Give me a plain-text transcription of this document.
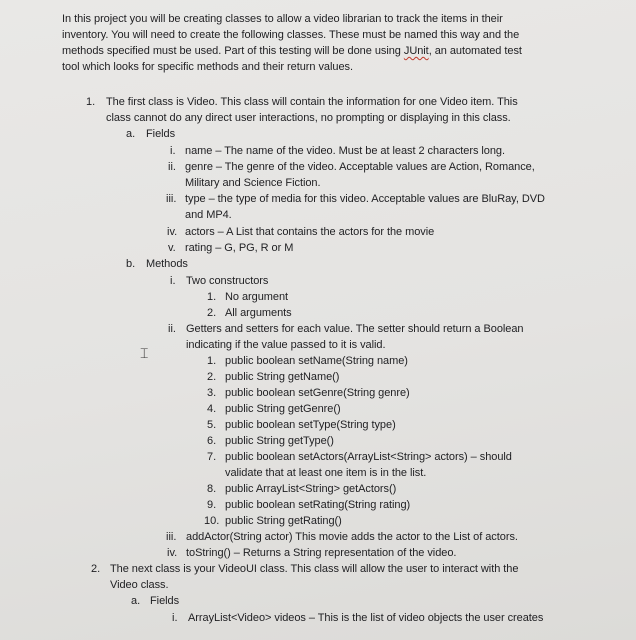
In this project you will be creating classes to allow a video librarian to track the items in their
inventory. You will need to create the following classes. These must be named this way and the
methods specified must be used. Part of this testing will be done using JUnit, an automated test
tool which looks for specific methods and their return values.
1. The first class is Video. This class will contain the information for one Video item. This
class cannot do any direct user interactions, no prompting or displaying in this class.
a. Fields
i. name – The name of the video. Must be at least 2 characters long.
ii. genre – The genre of the video. Acceptable values are Action, Romance,
Military and Science Fiction.
iii. type – the type of media for this video. Acceptable values are BluRay, DVD
and MP4.
iv. actors – A List that contains the actors for the movie
v. rating – G, PG, R or M
b. Methods
i. Two constructors
1. No argument
2. All arguments
ii. Getters and setters for each value. The setter should return a Boolean
indicating if the value passed to it is valid.
⌶	1. public boolean setName(String name)
2. public String getName()
3. public boolean setGenre(String genre)
4. public String getGenre()
5. public boolean setType(String type)
6. public String getType()
7. public boolean setActors(ArrayList<String> actors) – should
validate that at least one item is in the list.
8. public ArrayList<String> getActors()
9. public boolean setRating(String rating)
10. public String getRating()
iii. addActor(String actor) This movie adds the actor to the List of actors.
iv. toString() – Returns a String representation of the video.
2. The next class is your VideoUI class. This class will allow the user to interact with the
Video class.
a. Fields
i. ArrayList<Video> videos – This is the list of video objects the user creates
